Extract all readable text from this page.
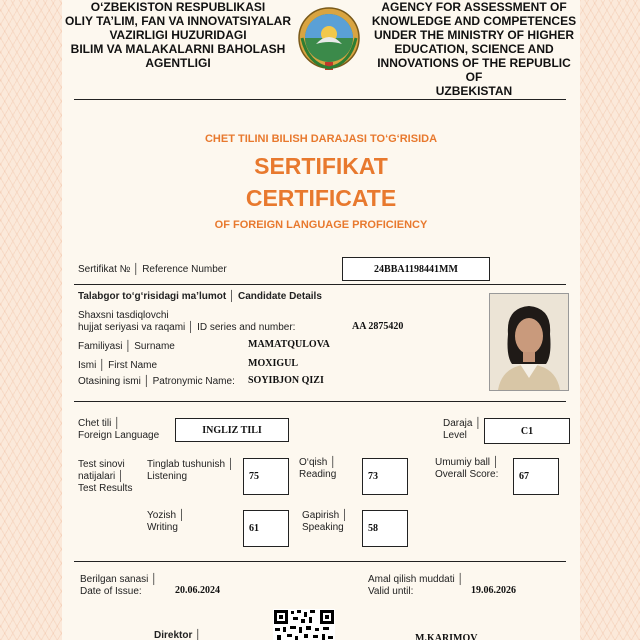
O‘ZBEKISTON RESPUBLIKASI
OLIY TA’LIM, FAN VA INNOVATSIYALAR
VAZIRLIGI HUZURIDAGI
BILIM VA MALAKALARNI BAHOLASH
AGENTLIGI
AGENCY FOR ASSESSMENT OF
KNOWLEDGE AND COMPETENCES
UNDER THE MINISTRY OF HIGHER
EDUCATION, SCIENCE AND
INNOVATIONS OF THE REPUBLIC OF
UZBEKISTAN
CHET TILINI BILISH DARAJASI TO‘G‘RISIDA
SERTIFIKAT
CERTIFICATE
OF FOREIGN LANGUAGE PROFICIENCY
Sertifikat № │ Reference Number	24BBA1198441MM
Talabgor to‘g‘risidagi ma’lumot │ Candidate Details
Shaxsni tasdiqlovchi
hujjat seriyasi va raqami │ ID series and number:	AA 2875420
Familiyasi │ Surname	MAMATQULOVA
Ismi │ First Name	MOXIGUL
Otasining ismi │ Patronymic Name: SOYIBJON QIZI
Chet tili │
Foreign Language	INGLIZ TILI
Daraja │
Level	C1
Test sinovi
natijalari │
Test Results
Tinglab tushunish │
Listening	75
O‘qish │
Reading	73
Umumiy ball │
Overall Score: 67
Yozish │
Writing	61
Gapirish │
Speaking	58
Berilgan sanasi │
Date of Issue:	20.06.2024
Amal qilish muddati │
Valid until:	19.06.2026
Direktor │	M.KARIMOV
